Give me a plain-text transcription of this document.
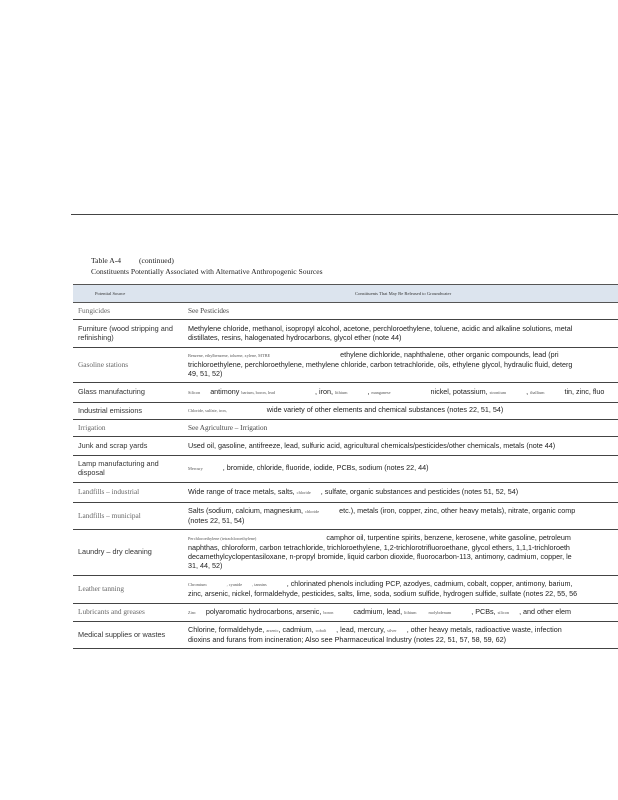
Table A-4 (continued)
Constituents Potentially Associated with Alternative Anthropogenic Sources
Potential Source	Constituents That May Be Released to Groundwater
Fungicides	See Pesticides
Furniture (wood stripping and refinishing)	Methylene chloride, methanol, isopropyl alcohol, acetone, perchloroethylene, toluene, acidic and alkaline solutions, metal
distillates, resins, halogenated hydrocarbons, glycol ether (note 44)

Gasoline stations	Benzene, ethylbenzene, toluene, xylene, MTBE ethylene dichloride, naphthalene, other organic compounds, lead (pri
trichloroethylene, perchloroethylene, methylene chloride, carbon tetrachloride, oils, ethylene glycol, hydraulic fluid, deterg
49, 51, 52)

Glass manufacturing	Silicon antimony barium, boron, lead , iron, lithium , manganese nickel, potassium, strontium , thallium tin, zinc, fluo
Industrial emissions	Chloride, sulfate, iron, wide variety of other elements and chemical substances (notes 22, 51, 54)
Irrigation	See Agriculture – Irrigation
Junk and scrap yards	Used oil, gasoline, antifreeze, lead, sulfuric acid, agricultural chemicals/pesticides/other chemicals, metals (note 44)
Lamp manufacturing and disposal	Mercury , bromide, chloride, fluoride, iodide, PCBs, sodium (notes 22, 44)
Landfills – industrial	Wide range of trace metals, salts, chloride , sulfate, organic substances and pesticides (notes 51, 52, 54)
Landfills – municipal	Salts (sodium, calcium, magnesium, chloride etc.), metals (iron, copper, zinc, other heavy metals), nitrate, organic comp
(notes 22, 51, 54)

Laundry – dry cleaning	Perchloroethylene (tetrachloroethylene) camphor oil, turpentine spirits, benzene, kerosene, white gasoline, petroleum
naphthas, chloroform, carbon tetrachloride, trichloroethylene, 1,2-trichlorotrifluoroethane, glycol ethers, 1,1,1-trichloroeth
decamethylcyclopentasiloxane, n-propyl bromide, liquid carbon dioxide, fluorocarbon-113, antimony, cadmium, copper, le
31, 44, 52)

Leather tanning	Chromium , cyanide , tannins , chlorinated phenols including PCP, azodyes, cadmium, cobalt, copper, antimony, barium,
zinc, arsenic, nickel, formaldehyde, pesticides, salts, lime, soda, sodium sulfide, hydrogen sulfide, sulfate (notes 22, 55, 56

Lubricants and greases	Zinc polyaromatic hydrocarbons, arsenic, boron cadmium, lead, lithium molybdenum , PCBs, silicon , and other elem
Medical supplies or wastes	Chlorine, formaldehyde, arsenic, cadmium, cobalt , lead, mercury, silver , other heavy metals, radioactive waste, infection
dioxins and furans from incineration; Also see Pharmaceutical Industry (notes 22, 51, 57, 58, 59, 62)
